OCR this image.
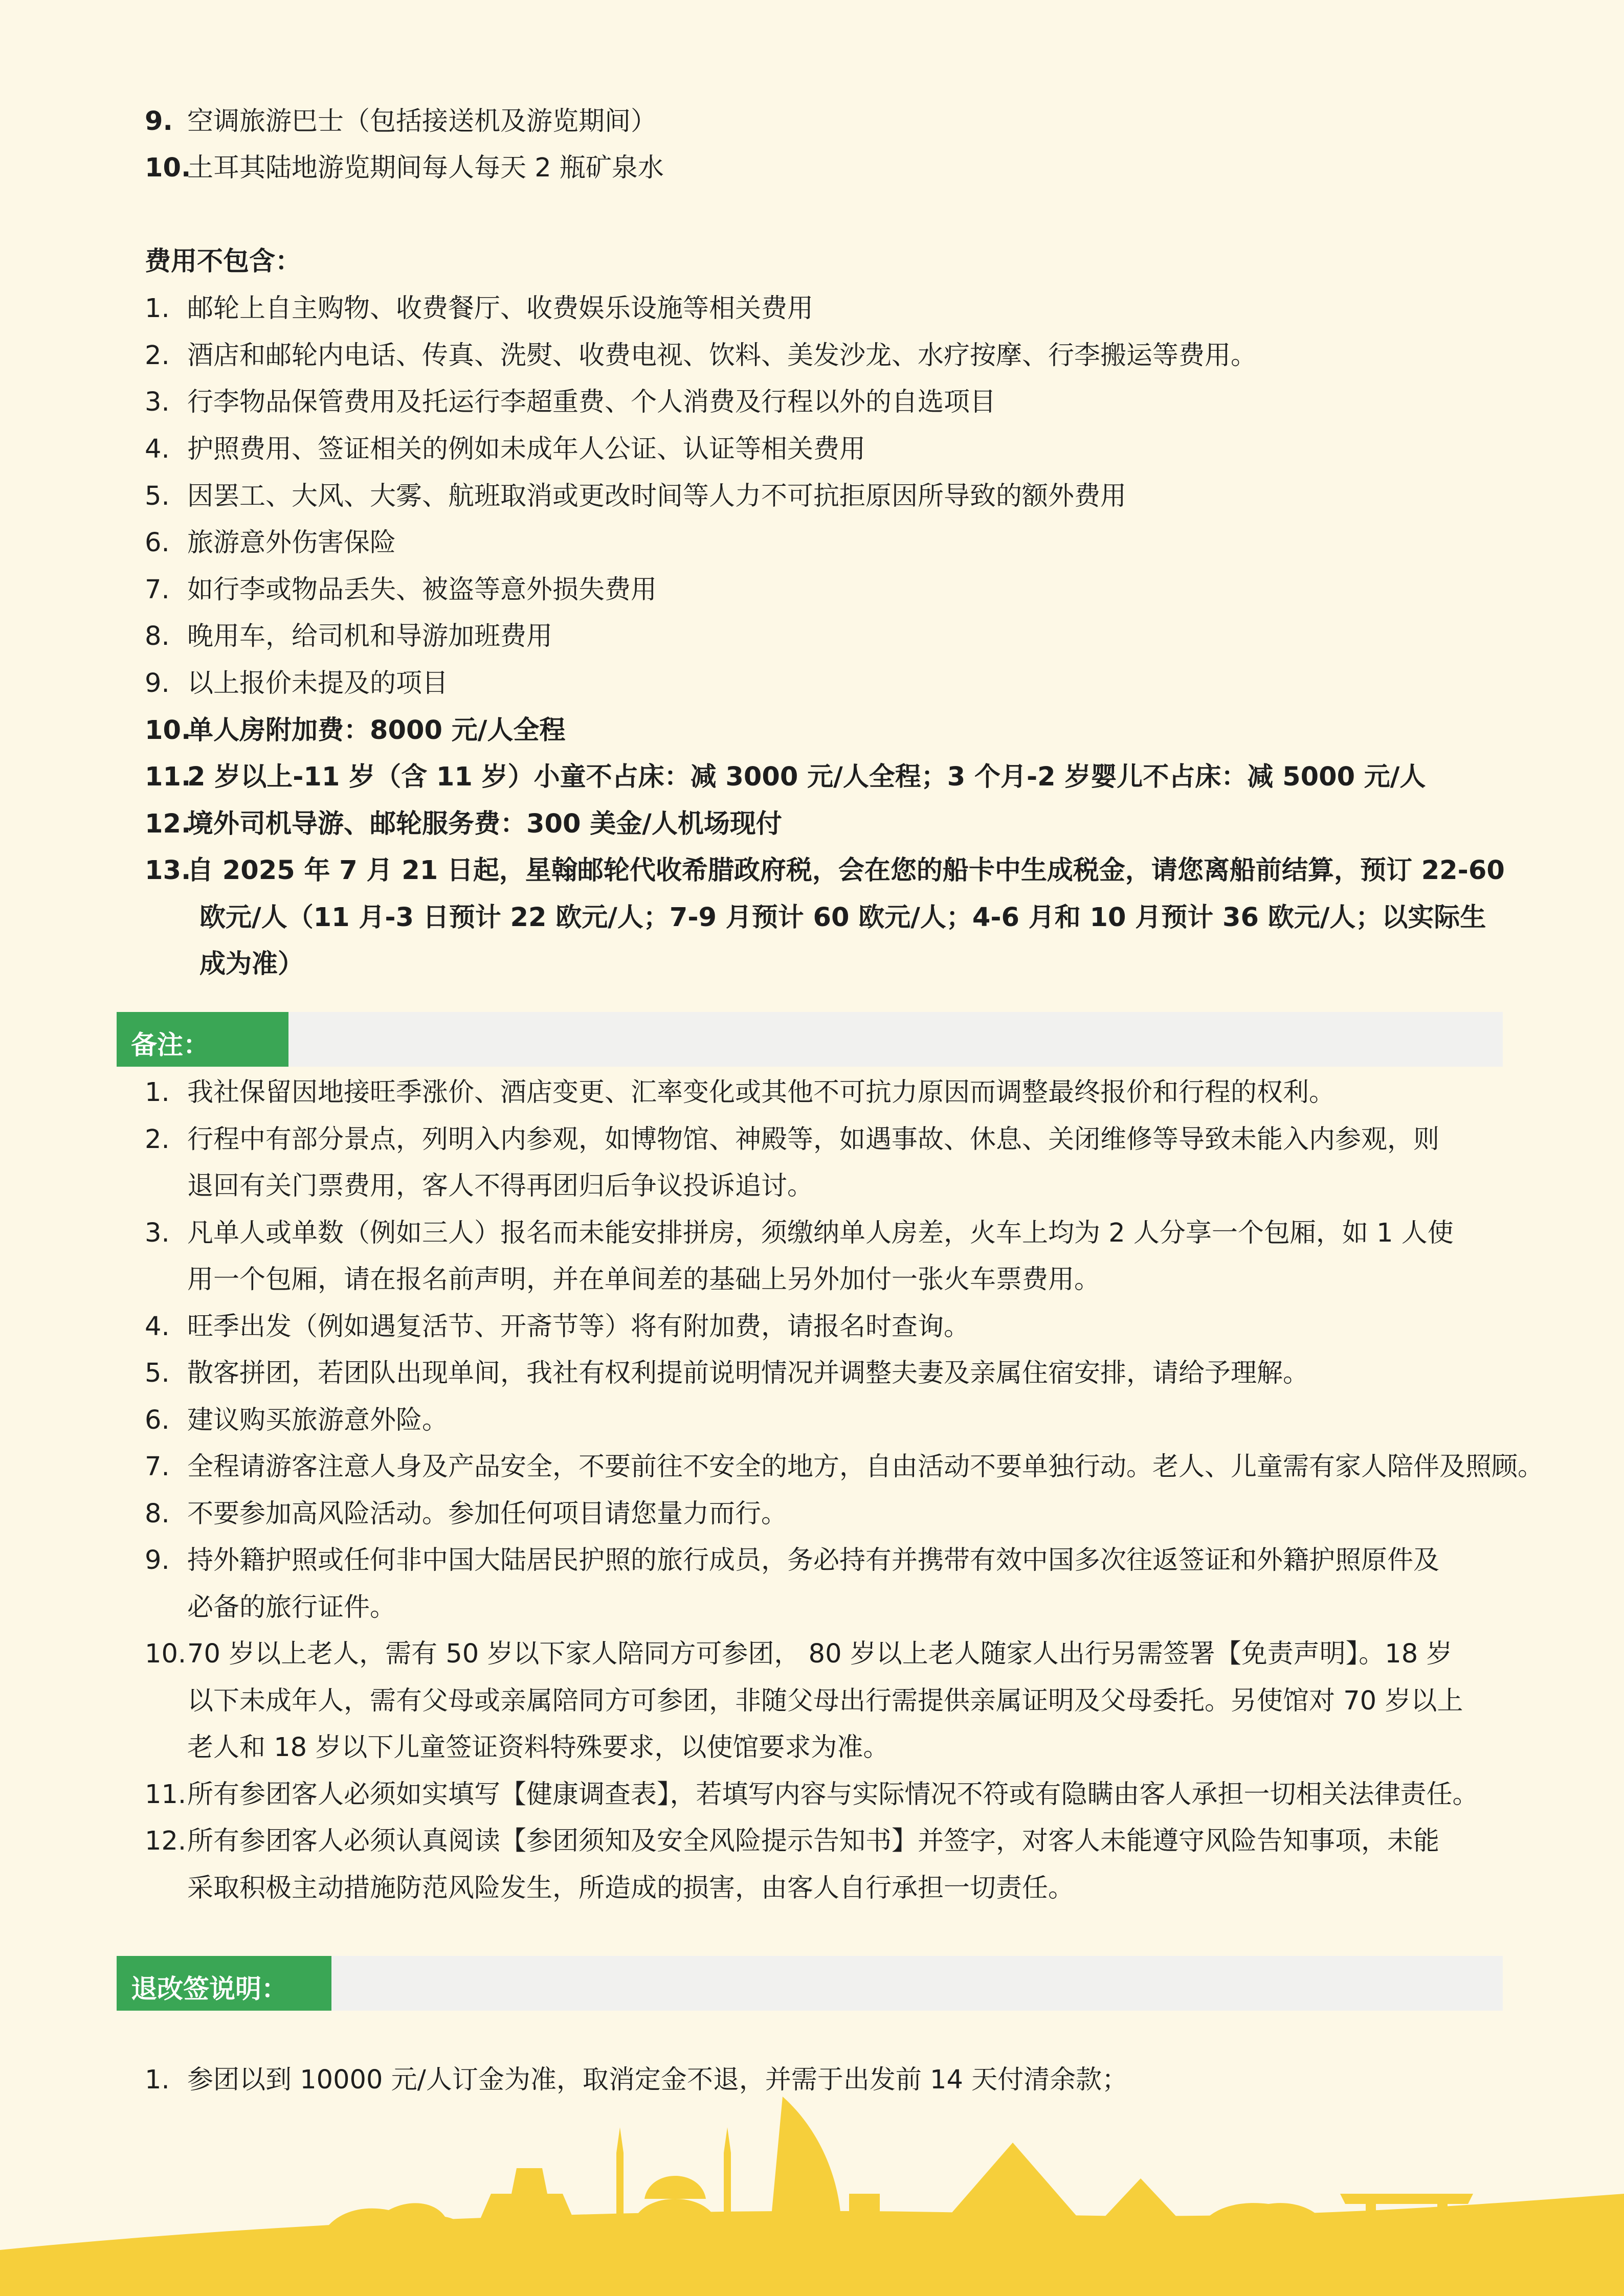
9. 空调旅游巴士（包括接送机及游览期间）
10.
土耳其陆地游览期间每人每天 2 瓶矿泉水
费用不包含：
1. 邮轮上自主购物、收费餐厅、收费娱乐设施等相关费用
2. 酒店和邮轮内电话、传真、洗熨、收费电视、饮料、美发沙龙、水疗按摩、行李搬运等费用。
3. 行李物品保管费用及托运行李超重费、个人消费及行程以外的自选项目
4. 护照费用、签证相关的例如未成年人公证、认证等相关费用
5. 因罢工、大风、大雾、航班取消或更改时间等人力不可抗拒原因所导致的额外费用
6. 旅游意外伤害保险
7. 如行李或物品丢失、被盗等意外损失费用
8. 晚用车，给司机和导游加班费用
9. 以上报价未提及的项目
10.
单人房附加费：8000 元/人全程
11.
2 岁以上-11 岁（含 11 岁）小童不占床：减 3000 元/人全程；3 个月-2 岁婴儿不占床：减 5000 元/人
12.
境外司机导游、邮轮服务费：300 美金/人机场现付
13.
自 2025 年 7 月 21 日起，星翰邮轮代收希腊政府税，会在您的船卡中生成税金，请您离船前结算，预订 22-60
欧元/人（11 月-3 日预计 22 欧元/人；7-9 月预计 60 欧元/人；4-6 月和 10 月预计 36 欧元/人；以实际生
成为准）
备注：
1. 我社保留因地接旺季涨价、酒店变更、汇率变化或其他不可抗力原因而调整最终报价和行程的权利。
2. 行程中有部分景点，列明入内参观，如博物馆、神殿等，如遇事故、休息、关闭维修等导致未能入内参观，则
退回有关门票费用，客人不得再团归后争议投诉追讨。
3. 凡单人或单数（例如三人）报名而未能安排拼房，须缴纳单人房差，火车上均为 2 人分享一个包厢，如 1 人使
用一个包厢，请在报名前声明，并在单间差的基础上另外加付一张火车票费用。
4. 旺季出发（例如遇复活节、开斋节等）将有附加费，请报名时查询。
5. 散客拼团，若团队出现单间，我社有权利提前说明情况并调整夫妻及亲属住宿安排，请给予理解。
6. 建议购买旅游意外险。
7. 全程请游客注意人身及产品安全，不要前往不安全的地方，自由活动不要单独行动。老人、儿童需有家人陪伴及照顾。
8. 不要参加高风险活动。参加任何项目请您量力而行。
9. 持外籍护照或任何非中国大陆居民护照的旅行成员，务必持有并携带有效中国多次往返签证和外籍护照原件及
必备的旅行证件。
10. 70 岁以上老人，需有 50 岁以下家人陪同方可参团， 80 岁以上老人随家人出行另需签署【免责声明】。18 岁
以下未成年人，需有父母或亲属陪同方可参团，非随父母出行需提供亲属证明及父母委托。另使馆对 70 岁以上
老人和 18 岁以下儿童签证资料特殊要求，以使馆要求为准。
11. 所有参团客人必须如实填写【健康调查表】，若填写内容与实际情况不符或有隐瞒由客人承担一切相关法律责任。
12. 所有参团客人必须认真阅读【参团须知及安全风险提示告知书】并签字，对客人未能遵守风险告知事项，未能
采取积极主动措施防范风险发生，所造成的损害，由客人自行承担一切责任。
退改签说明：
1. 参团以到 10000 元/人订金为准，取消定金不退，并需于出发前 14 天付清余款；
